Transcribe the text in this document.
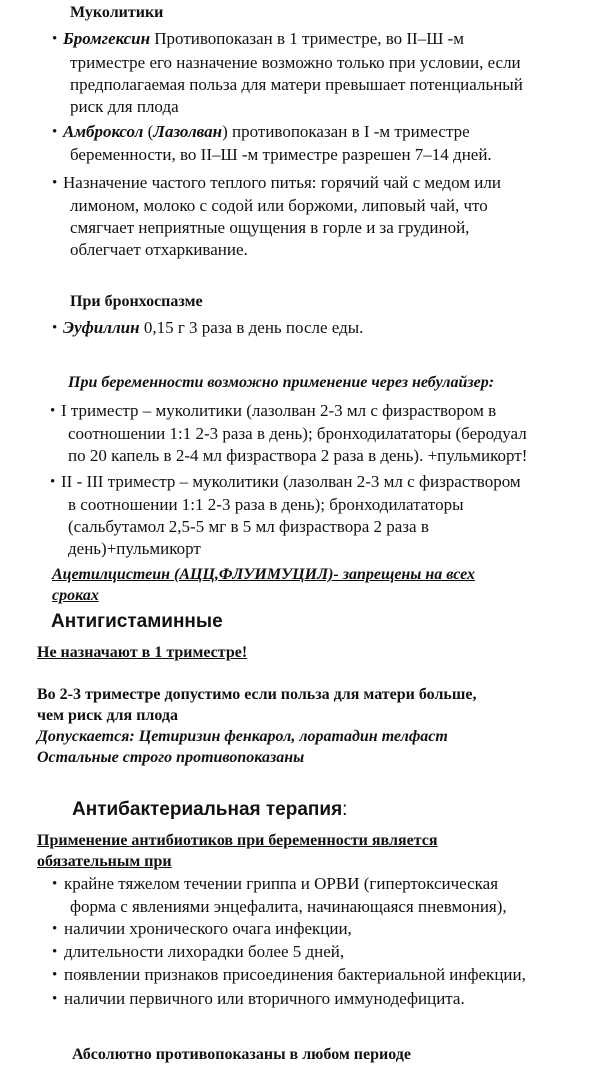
Муколитики
• Бромгексин Противопоказан в 1 триместре, во II–Ш -м
триместре его назначение возможно только при условии, если
предполагаемая польза для матери превышает потенциальный
риск для плода
• Амброксол (Лазолван) противопоказан в I -м триместре
беременности, во II–Ш -м триместре разрешен 7–14 дней.
• Назначение частого теплого питья: горячий чай с медом или
лимоном, молоко с содой или боржоми, липовый чай, что
смягчает неприятные ощущения в горле и за грудиной,
облегчает отхаркивание.
При бронхоспазме
• Эуфиллин 0,15 г 3 раза в день после еды.
При беременности возможно применение через небулайзер:
• I триместр – муколитики (лазолван 2-3 мл с физраствором в
соотношении 1:1 2-3 раза в день); бронходилататоры (беродуал
по 20 капель в 2-4 мл физраствора 2 раза в день). +пульмикорт!
• II - III триместр – муколитики (лазолван 2-3 мл с физраствором
в соотношении 1:1 2-3 раза в день); бронходилататоры
(сальбутамол 2,5-5 мг в 5 мл физраствора 2 раза в
день)+пульмикорт
Ацетилцистеин (АЦЦ,ФЛУИМУЦИЛ)- запрещены на всех
сроках
Антигистаминные
Не назначают в 1 триместре!
Во 2-3 триместре допустимо если польза для матери больше,
чем риск для плода
Допускается: Цетиризин фенкарол, лоратадин телфаст
Остальные строго противопоказаны
Антибактериальная терапия:
Применение антибиотиков при беременности является
обязательным при
• крайне тяжелом течении гриппа и ОРВИ (гипертоксическая
форма с явлениями энцефалита, начинающаяся пневмония),
• наличии хронического очага инфекции,
• длительности лихорадки более 5 дней,
• появлении признаков присоединения бактериальной инфекции,
• наличии первичного или вторичного иммунодефицита.
Абсолютно противопоказаны в любом периоде
